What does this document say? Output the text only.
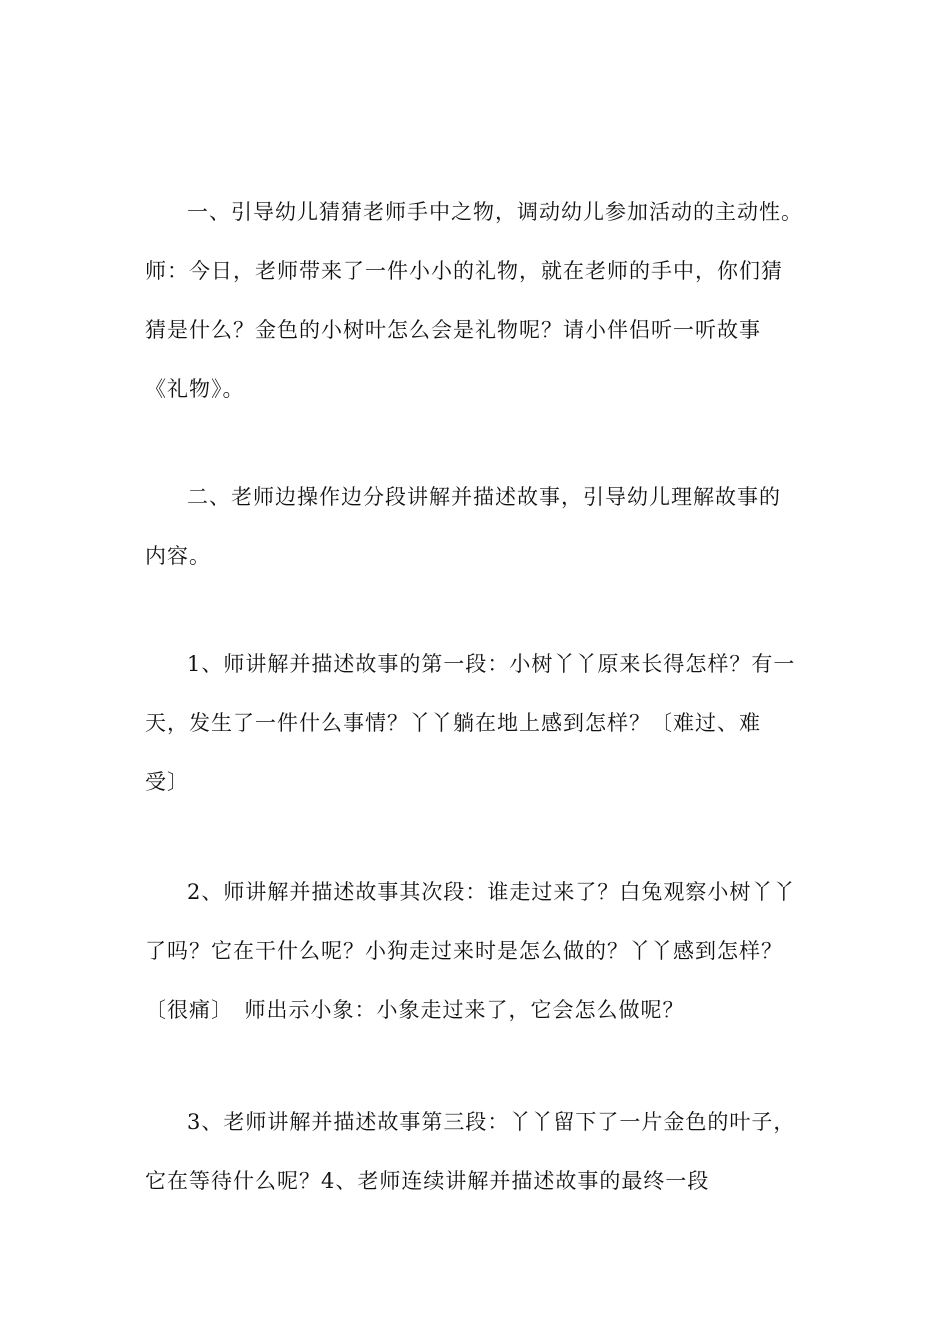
一、引导幼儿猜猜老师手中之物，调动幼儿参加活动的主动性。
师：今日，老师带来了一件小小的礼物，就在老师的手中，你们猜
猜是什么？金色的小树叶怎么会是礼物呢？请小伴侣听一听故事
《礼物》。
二、老师边操作边分段讲解并描述故事，引导幼儿理解故事的
内容。
1、师讲解并描述故事的第一段：小树丫丫原来长得怎样？有一
天，发生了一件什么事情？丫丫躺在地上感到怎样？〔难过、难
受〕
2、师讲解并描述故事其次段：谁走过来了？白兔观察小树丫丫
了吗？它在干什么呢？小狗走过来时是怎么做的？丫丫感到怎样？
〔很痛〕　师出示小象：小象走过来了，它会怎么做呢？
3、老师讲解并描述故事第三段：丫丫留下了一片金色的叶子，
它在等待什么呢？4、老师连续讲解并描述故事的最终一段
